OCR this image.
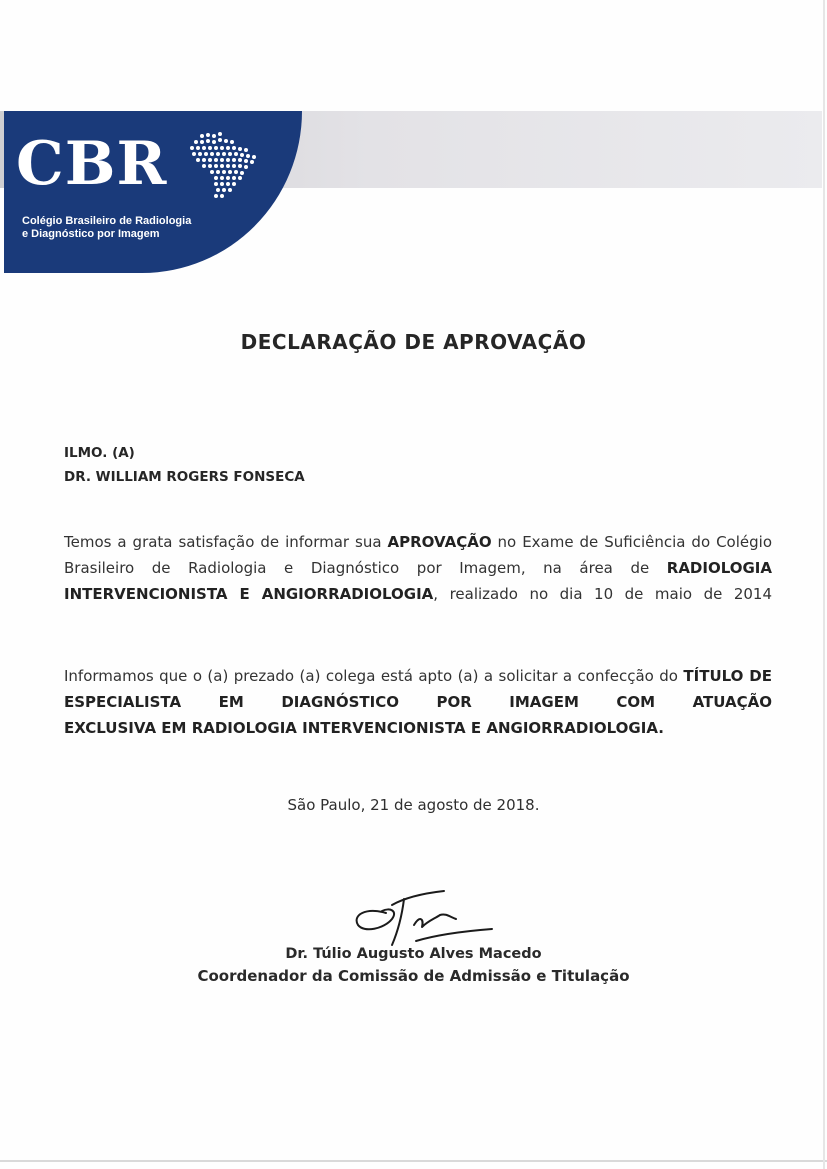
CBR
Colégio Brasileiro de Radiologia
e Diagnóstico por Imagem
DECLARAÇÃO DE APROVAÇÃO
ILMO. (A)
DR. WILLIAM ROGERS FONSECA
Temos a grata satisfação de informar sua APROVAÇÃO no Exame de Suficiência do Colégio Brasileiro de Radiologia e Diagnóstico por Imagem, na área de RADIOLOGIA INTERVENCIONISTA E ANGIORRADIOLOGIA, realizado no dia 10 de maio de 2014
Informamos que o (a) prezado (a) colega está apto (a) a solicitar a confecção do TÍTULO DE ESPECIALISTA EM DIAGNÓSTICO POR IMAGEM COM ATUAÇÃO
EXCLUSIVA EM RADIOLOGIA INTERVENCIONISTA E ANGIORRADIOLOGIA.
São Paulo, 21 de agosto de 2018.
Dr. Túlio Augusto Alves Macedo
Coordenador da Comissão de Admissão e Titulação
